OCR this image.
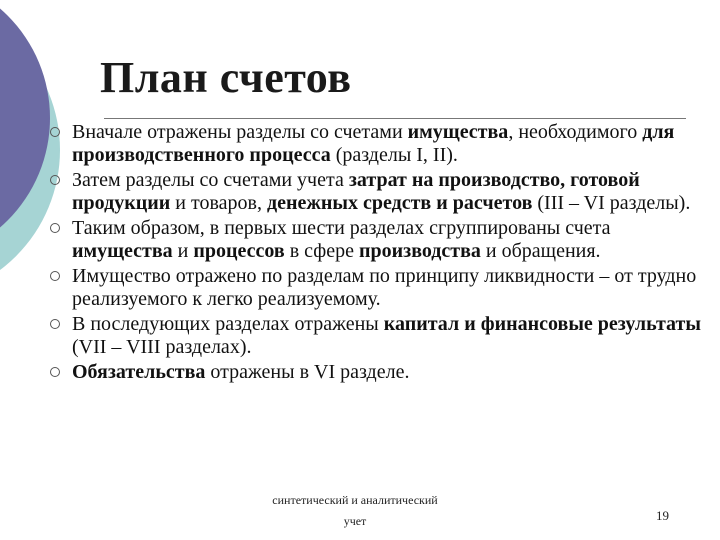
План счетов
Вначале отражены разделы со счетами имущества, необходимого для производственного процесса (разделы I, II).
Затем разделы со счетами учета затрат на производство, готовой продукции и товаров, денежных средств и расчетов (III – VI разделы).
Таким образом, в первых шести разделах сгруппированы счета имущества и процессов в сфере производства и обращения.
Имущество отражено по разделам по принципу ликвидности – от трудно реализуемого к легко реализуемому.
В последующих разделах отражены капитал и финансовые результаты (VII – VIII разделах).
Обязательства отражены в VI разделе.
синтетический и аналитический
учет	19
